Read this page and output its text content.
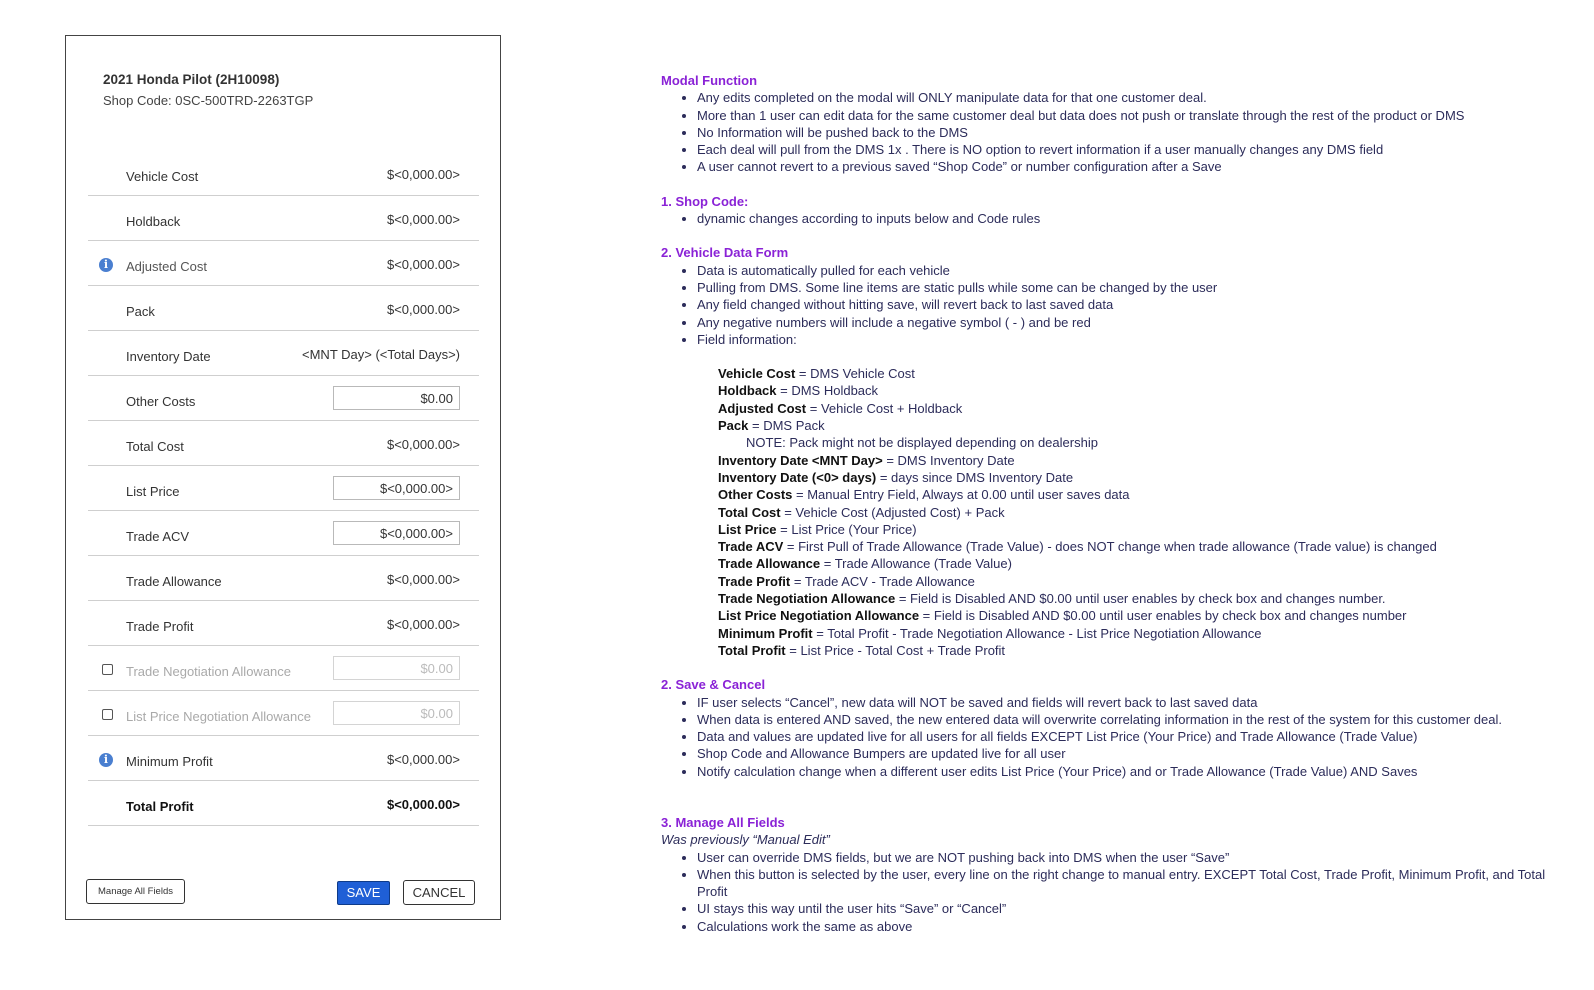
2021 Honda Pilot (2H10098)
Shop Code: 0SC-500TRD-2263TGP
Vehicle Cost	$<0,000.00>
Holdback	$<0,000.00>
i	Adjusted Cost	$<0,000.00>
Pack	$<0,000.00>
Inventory Date	<MNT Day> (<Total Days>)
Other Costs	$0.00
Total Cost	$<0,000.00>
List Price	$<0,000.00>
Trade ACV	$<0,000.00>
Trade Allowance	$<0,000.00>
Trade Profit	$<0,000.00>
Trade Negotiation Allowance	$0.00
List Price Negotiation Allowance	$0.00
i	Minimum Profit	$<0,000.00>
Total Profit	$<0,000.00>
Manage All Fields	SAVE	CANCEL
Modal Function
• Any edits completed on the modal will ONLY manipulate data for that one customer deal.
• More than 1 user can edit data for the same customer deal but data does not push or translate through the rest of the product or DMS
• No Information will be pushed back to the DMS
• Each deal will pull from the DMS 1x . There is NO option to revert information if a user manually changes any DMS field
• A user cannot revert to a previous saved “Shop Code” or number configuration after a Save
1. Shop Code:
• dynamic changes according to inputs below and Code rules
2. Vehicle Data Form
• Data is automatically pulled for each vehicle
• Pulling from DMS. Some line items are static pulls while some can be changed by the user
• Any field changed without hitting save, will revert back to last saved data
• Any negative numbers will include a negative symbol ( - ) and be red
• Field information:
Vehicle Cost = DMS Vehicle Cost
Holdback = DMS Holdback
Adjusted Cost = Vehicle Cost + Holdback
Pack = DMS Pack
NOTE: Pack might not be displayed depending on dealership
Inventory Date <MNT Day> = DMS Inventory Date
Inventory Date (<0> days) = days since DMS Inventory Date
Other Costs = Manual Entry Field, Always at 0.00 until user saves data
Total Cost = Vehicle Cost (Adjusted Cost) + Pack
List Price = List Price (Your Price)
Trade ACV = First Pull of Trade Allowance (Trade Value) - does NOT change when trade allowance (Trade value) is changed
Trade Allowance = Trade Allowance (Trade Value)
Trade Profit = Trade ACV - Trade Allowance
Trade Negotiation Allowance = Field is Disabled AND $0.00 until user enables by check box and changes number.
List Price Negotiation Allowance = Field is Disabled AND $0.00 until user enables by check box and changes number
Minimum Profit = Total Profit - Trade Negotiation Allowance - List Price Negotiation Allowance
Total Profit = List Price - Total Cost + Trade Profit
2. Save & Cancel
• IF user selects “Cancel”, new data will NOT be saved and fields will revert back to last saved data
• When data is entered AND saved, the new entered data will overwrite correlating information in the rest of the system for this customer deal.
• Data and values are updated live for all users for all fields EXCEPT List Price (Your Price) and Trade Allowance (Trade Value)
• Shop Code and Allowance Bumpers are updated live for all user
• Notify calculation change when a different user edits List Price (Your Price) and or Trade Allowance (Trade Value) AND Saves
3. Manage All Fields
Was previously “Manual Edit”
• User can override DMS fields, but we are NOT pushing back into DMS when the user “Save”
• When this button is selected by the user, every line on the right change to manual entry. EXCEPT Total Cost, Trade Profit, Minimum Profit, and Total Profit
• UI stays this way until the user hits “Save” or “Cancel”
• Calculations work the same as above
